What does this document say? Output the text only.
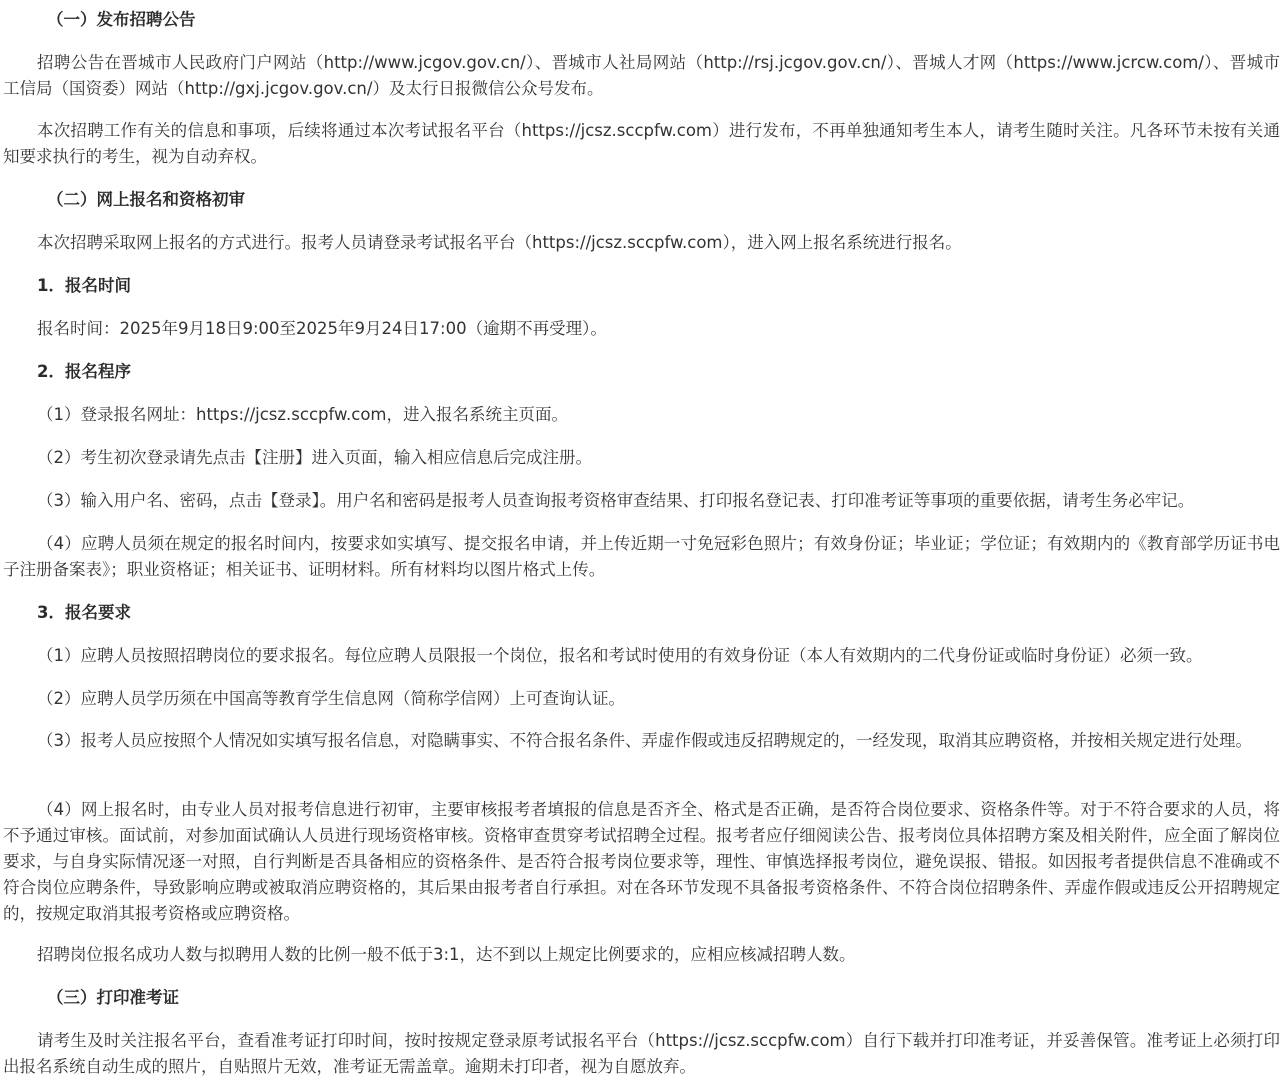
（一）发布招聘公告

招聘公告在晋城市人民政府门户网站（http://www.jcgov.gov.cn/）、晋城市人社局网站（http://rsj.jcgov.gov.cn/）、晋城人才网（https://www.jcrcw.com/）、晋城市工信局（国资委）网站（http://gxj.jcgov.gov.cn/）及太行日报微信公众号发布。

本次招聘工作有关的信息和事项，后续将通过本次考试报名平台（https://jcsz.sccpfw.com）进行发布，不再单独通知考生本人，请考生随时关注。凡各环节未按有关通知要求执行的考生，视为自动弃权。

（二）网上报名和资格初审

本次招聘采取网上报名的方式进行。报考人员请登录考试报名平台（https://jcsz.sccpfw.com），进入网上报名系统进行报名。

1．报名时间

报名时间：2025年9月18日9:00至2025年9月24日17:00（逾期不再受理）。

2．报名程序

（1）登录报名网址：https://jcsz.sccpfw.com，进入报名系统主页面。

（2）考生初次登录请先点击【注册】进入页面，输入相应信息后完成注册。

（3）输入用户名、密码，点击【登录】。用户名和密码是报考人员查询报考资格审查结果、打印报名登记表、打印准考证等事项的重要依据，请考生务必牢记。

（4）应聘人员须在规定的报名时间内，按要求如实填写、提交报名申请，并上传近期一寸免冠彩色照片；有效身份证；毕业证；学位证；有效期内的《教育部学历证书电子注册备案表》；职业资格证；相关证书、证明材料。所有材料均以图片格式上传。

3．报名要求

（1）应聘人员按照招聘岗位的要求报名。每位应聘人员限报一个岗位，报名和考试时使用的有效身份证（本人有效期内的二代身份证或临时身份证）必须一致。

（2）应聘人员学历须在中国高等教育学生信息网（简称学信网）上可查询认证。

（3）报考人员应按照个人情况如实填写报名信息，对隐瞒事实、不符合报名条件、弄虚作假或违反招聘规定的，一经发现，取消其应聘资格，并按相关规定进行处理。

（4）网上报名时，由专业人员对报考信息进行初审，主要审核报考者填报的信息是否齐全、格式是否正确，是否符合岗位要求、资格条件等。对于不符合要求的人员，将不予通过审核。面试前，对参加面试确认人员进行现场资格审核。资格审查贯穿考试招聘全过程。报考者应仔细阅读公告、报考岗位具体招聘方案及相关附件，应全面了解岗位要求，与自身实际情况逐一对照，自行判断是否具备相应的资格条件、是否符合报考岗位要求等，理性、审慎选择报考岗位，避免误报、错报。如因报考者提供信息不准确或不符合岗位应聘条件，导致影响应聘或被取消应聘资格的，其后果由报考者自行承担。对在各环节发现不具备报考资格条件、不符合岗位招聘条件、弄虚作假或违反公开招聘规定的，按规定取消其报考资格或应聘资格。

招聘岗位报名成功人数与拟聘用人数的比例一般不低于3:1，达不到以上规定比例要求的，应相应核减招聘人数。

（三）打印准考证

请考生及时关注报名平台，查看准考证打印时间，按时按规定登录原考试报名平台（https://jcsz.sccpfw.com）自行下载并打印准考证，并妥善保管。准考证上必须打印出报名系统自动生成的照片，自贴照片无效，准考证无需盖章。逾期未打印者，视为自愿放弃。
